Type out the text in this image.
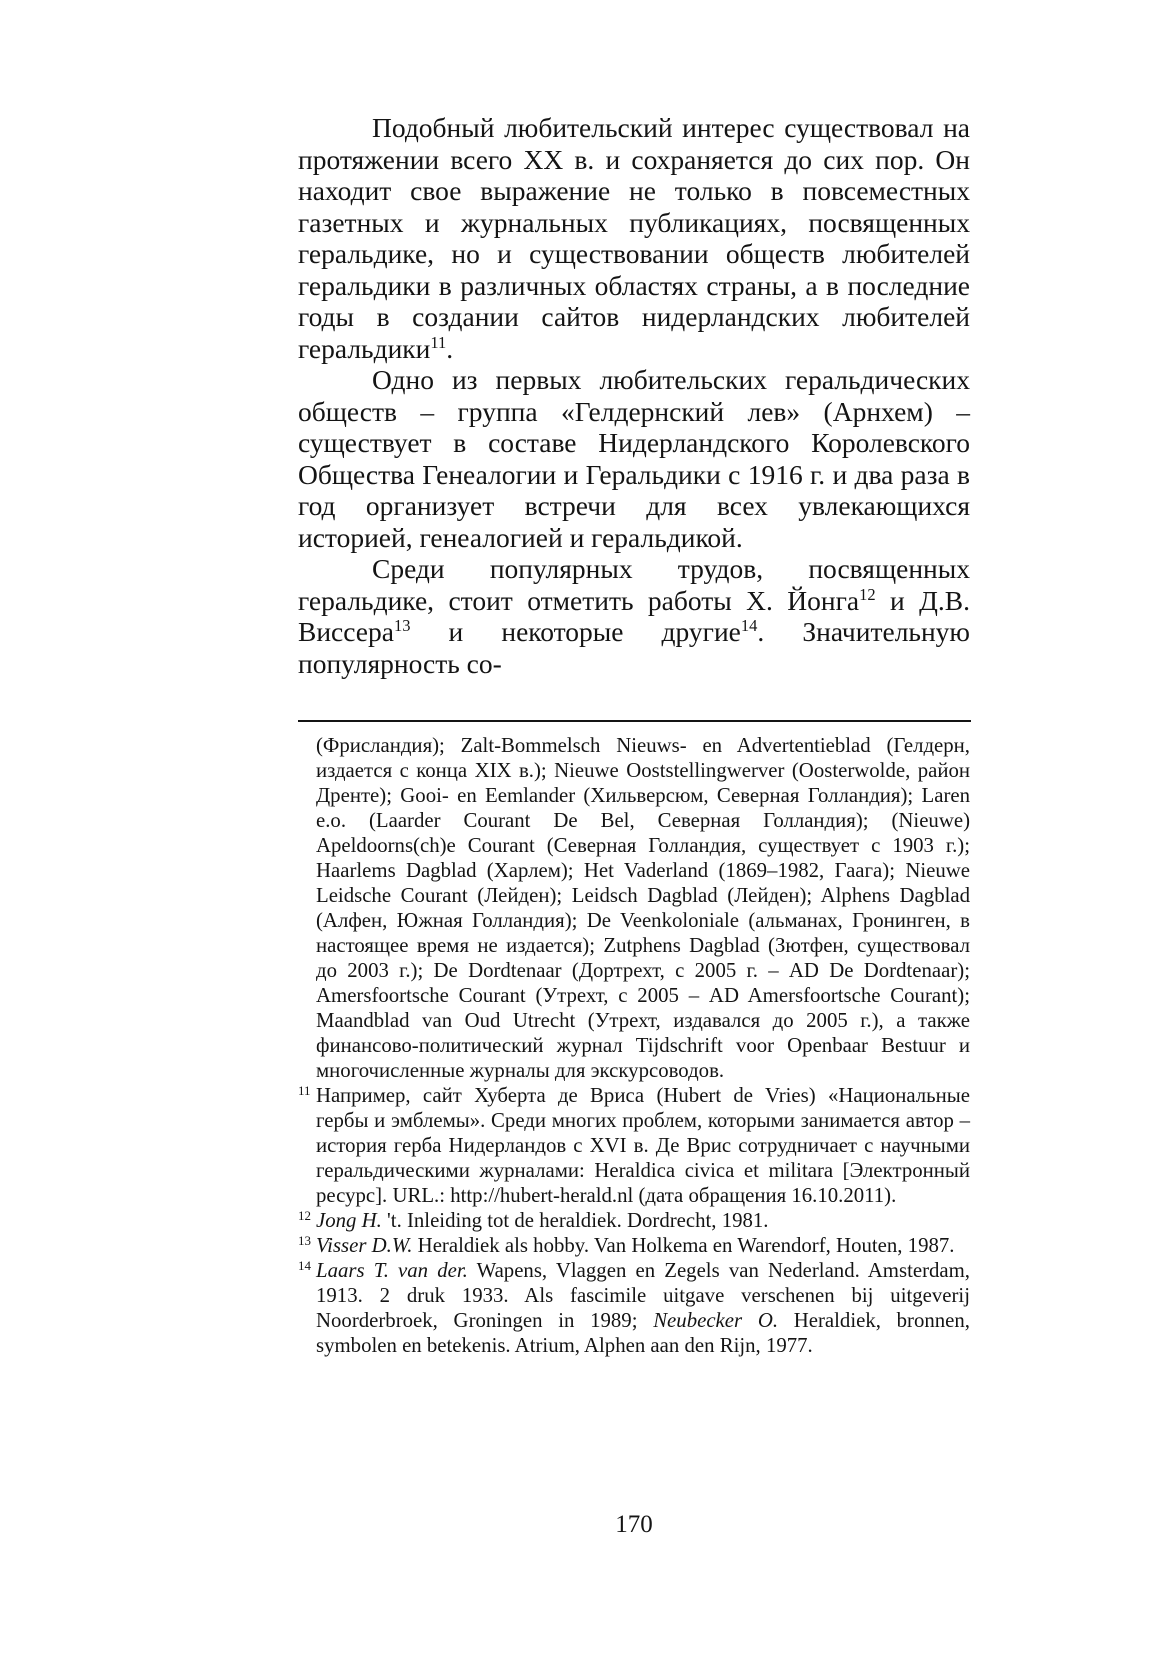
Подобный любительский интерес существовал на протяжении всего XX в. и сохраняется до сих пор. Он находит свое выражение не только в повсеместных газетных и журнальных публикациях, посвященных геральдике, но и существовании обществ любителей геральдики в различных областях страны, а в последние годы в создании сайтов нидерландских любителей геральдики$^{11}$.

Одно из первых любительских геральдических обществ – группа «Гелдернский лев» (Арнхем) – существует в составе Нидерландского Королевского Общества Генеалогии и Геральдики с 1916 г. и два раза в год организует встречи для всех увлекающихся историей, генеалогией и геральдикой.

Среди популярных трудов, посвященных геральдике, стоит отметить работы Х. Йонга$^{12}$ и Д.В. Виссера$^{13}$ и некоторые другие$^{14}$. Значительную популярность со-

(Фрисландия); Zalt-Bommelsch Nieuws- en Advertentieblad (Гелдерн, издается с конца XIX в.); Nieuwe Ooststellingwerver (Oosterwolde, район Дренте); Gooi- en Eemlander (Хильверсюм, Северная Голландия); Laren e.o. (Laarder Courant De Bel, Северная Голландия); (Nieuwe) Apeldoorns(ch)e Courant (Северная Голландия, существует с 1903 г.); Haarlems Dagblad (Харлем); Het Vaderland (1869–1982, Гаага); Nieuwe Leidsche Courant (Лейден); Leidsch Dagblad (Лейден); Alphens Dagblad (Алфен, Южная Голландия); De Veenkoloniale (альманах, Гронинген, в настоящее время не издается); Zutphens Dagblad (Зютфен, существовал до 2003 г.); De Dordtenaar (Дортрехт, с 2005 г. – AD De Dordtenaar); Amersfoortsche Courant (Утрехт, с 2005 – AD Amersfoortsche Courant); Maandblad van Oud Utrecht (Утрехт, издавался до 2005 г.), а также финансово-политический журнал Tijdschrift voor Openbaar Bestuur и многочисленные журналы для экскурсоводов.

11 Например, сайт Хуберта де Вриса (Hubert de Vries) «Национальные гербы и эмблемы». Среди многих проблем, которыми занимается автор – история герба Нидерландов с XVI в. Де Врис сотрудничает с научными геральдическими журналами: Heraldica civica et militara [Электронный ресурс]. URL.: http://hubert-herald.nl (дата обращения 16.10.2011).

12 Jong H. 't. Inleiding tot de heraldiek. Dordrecht, 1981.

13 Visser D.W. Heraldiek als hobby. Van Holkema en Warendorf, Houten, 1987.

14 Laars T. van der. Wapens, Vlaggen en Zegels van Nederland. Amsterdam, 1913. 2 druk 1933. Als fascimile uitgave verschenen bij uitgeverij Noorderbroek, Groningen in 1989; Neubecker O. Heraldiek, bronnen, symbolen en betekenis. Atrium, Alphen aan den Rijn, 1977.

170
